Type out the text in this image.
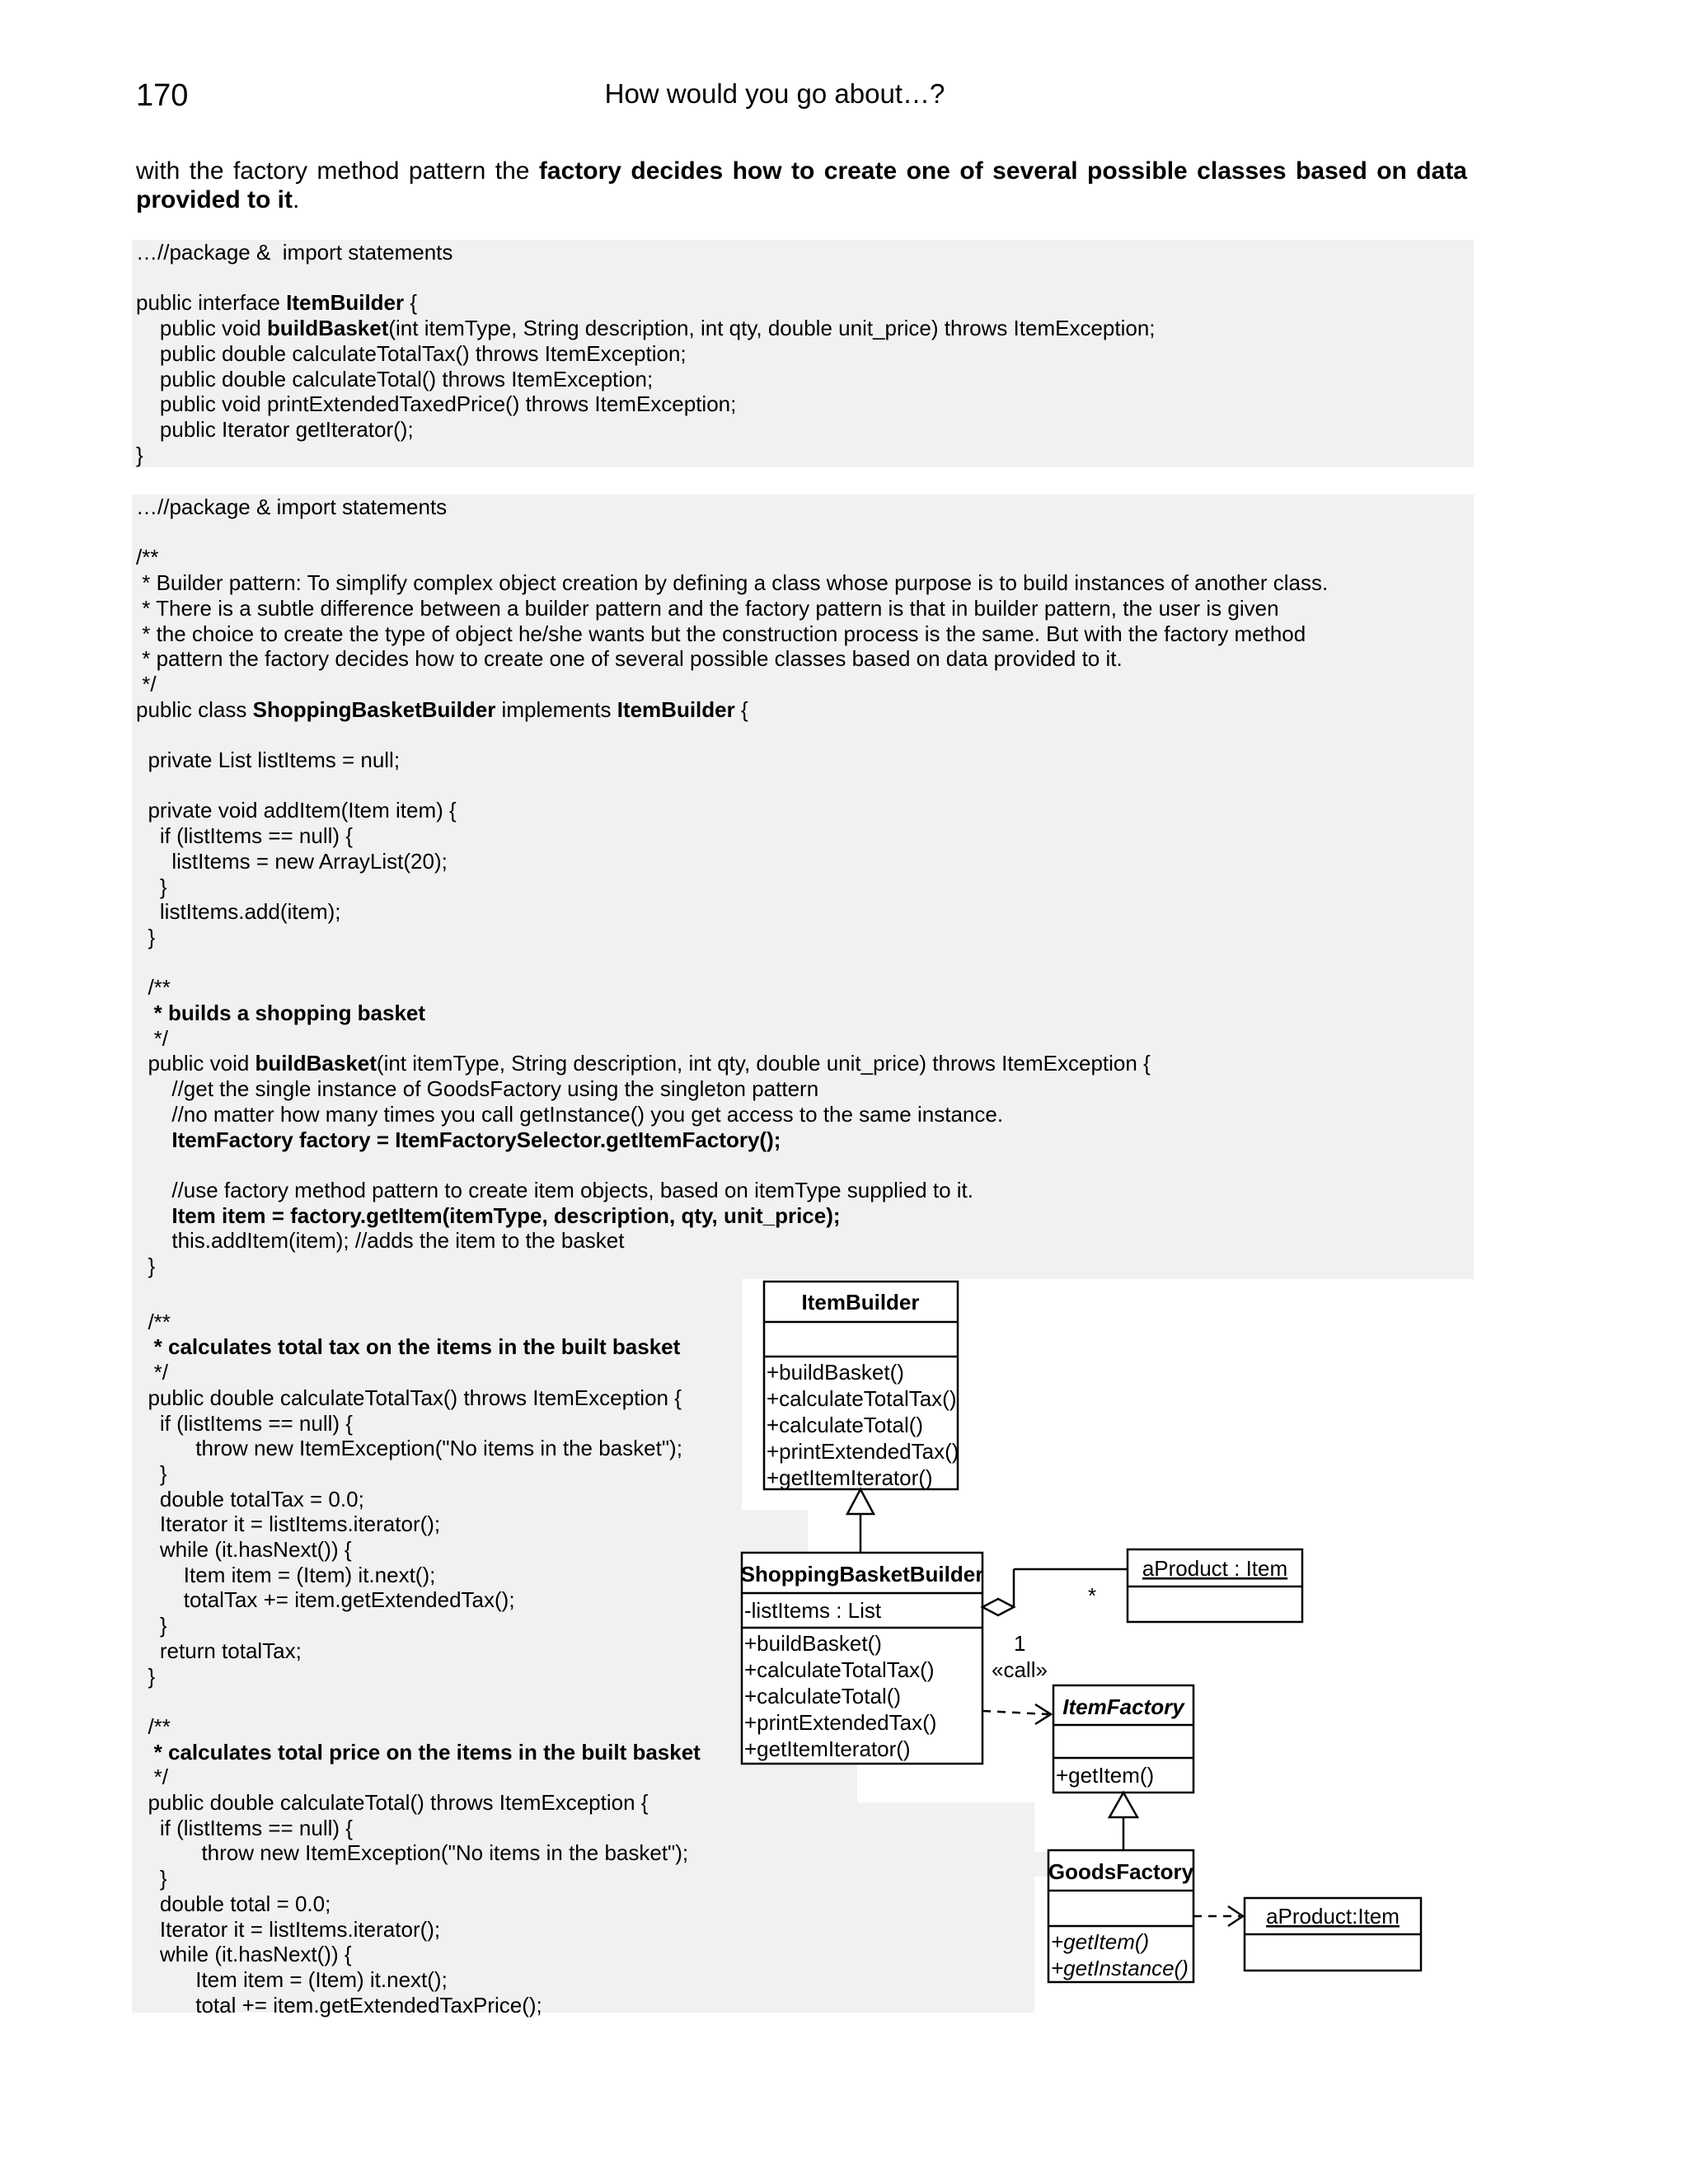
170	How would you go about…?
with the factory method pattern the factory decides how to create one of several possible classes based on data provided to it.
…//package &  import statements

public interface ItemBuilder {
public void buildBasket(int itemType, String description, int qty, double unit_price) throws ItemException;
public double calculateTotalTax() throws ItemException;
public double calculateTotal() throws ItemException;
public void printExtendedTaxedPrice() throws ItemException;
public Iterator getIterator();
}
…//package & import statements

/**
* Builder pattern: To simplify complex object creation by defining a class whose purpose is to build instances of another class.
* There is a subtle difference between a builder pattern and the factory pattern is that in builder pattern, the user is given
* the choice to create the type of object he/she wants but the construction process is the same. But with the factory method
* pattern the factory decides how to create one of several possible classes based on data provided to it.
*/
public class ShoppingBasketBuilder implements ItemBuilder {

private List listItems = null;

private void addItem(Item item) {
if (listItems == null) {
listItems = new ArrayList(20);
}
listItems.add(item);
}

/**
* builds a shopping basket
*/
public void buildBasket(int itemType, String description, int qty, double unit_price) throws ItemException {
//get the single instance of GoodsFactory using the singleton pattern
//no matter how many times you call getInstance() you get access to the same instance.
ItemFactory factory = ItemFactorySelector.getItemFactory();

//use factory method pattern to create item objects, based on itemType supplied to it.
Item item = factory.getItem(itemType, description, qty, unit_price);
this.addItem(item); //adds the item to the basket
}

/**
* calculates total tax on the items in the built basket
*/
public double calculateTotalTax() throws ItemException {
if (listItems == null) {
throw new ItemException("No items in the basket");
}
double totalTax = 0.0;
Iterator it = listItems.iterator();
while (it.hasNext()) {
Item item = (Item) it.next();
totalTax += item.getExtendedTax();
}
return totalTax;
}

/**
* calculates total price on the items in the built basket
*/
public double calculateTotal() throws ItemException {
if (listItems == null) {
throw new ItemException("No items in the basket");
}
double total = 0.0;
Iterator it = listItems.iterator();
while (it.hasNext()) {
Item item = (Item) it.next();
total += item.getExtendedTaxPrice();
ItemBuilder
+buildBasket()
+calculateTotalTax()
+calculateTotal()
+printExtendedTax()
+getItemIterator()
ShoppingBasketBuilder
-listItems : List
+buildBasket()
+calculateTotalTax()
+calculateTotal()
+printExtendedTax()
+getItemIterator()
aProduct : Item
*
1
«call»
ItemFactory
+getItem()
GoodsFactory
+getItem()
+getInstance()
aProduct:Item
